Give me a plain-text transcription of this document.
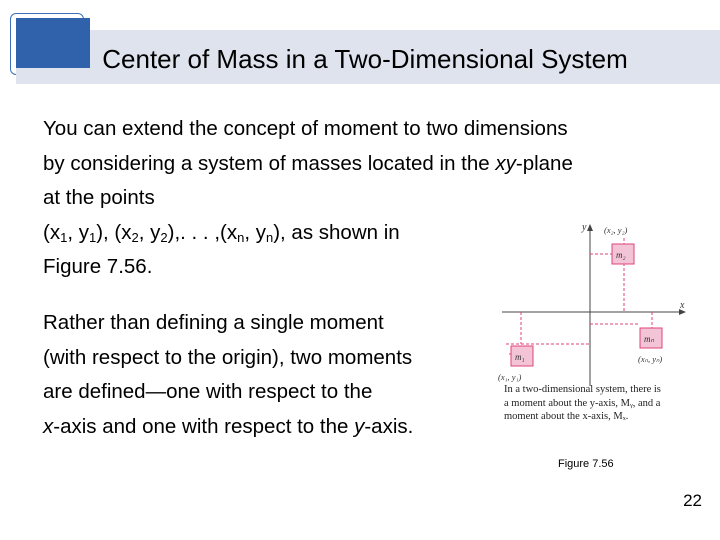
Center of Mass in a Two-Dimensional System

You can extend the concept of moment to two dimensions
by considering a system of masses located in the xy-plane
at the points
($x_1$, $y_1$), ($x_2$, $y_2$),. . . $,(x_n$, $y_n$), as shown in
Figure 7.56.

Rather than defining a single moment
(with respect to the origin), two moments
are defined—one with respect to the
x-axis and one with respect to the y-axis.

y
x
m₂
m₁
mₙ
(x₂, y₂)
(x₁, y₁)
(xₙ, yₙ)
In a two-dimensional system, there is
a moment about the y-axis, Mᵧ, and a
moment about the x-axis, Mₓ.
Figure 7.56
22
